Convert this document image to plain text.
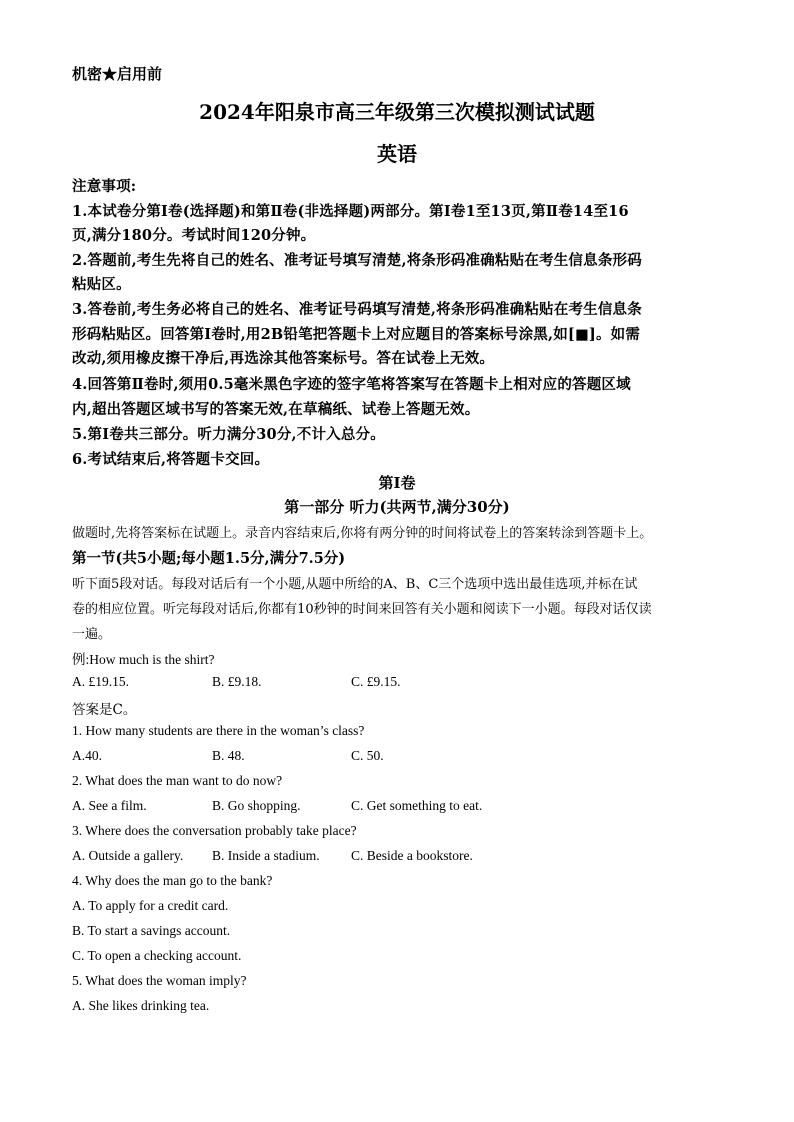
机密★启用前
2024年阳泉市高三年级第三次模拟测试试题
英语
注意事项:
1.本试卷分第Ⅰ卷(选择题)和第Ⅱ卷(非选择题)两部分。第Ⅰ卷1至13页,第Ⅱ卷14至16
页,满分180分。考试时间120分钟。
2.答题前,考生先将自己的姓名、准考证号填写清楚,将条形码准确粘贴在考生信息条形码
粘贴区。
3.答卷前,考生务必将自己的姓名、准考证号码填写清楚,将条形码准确粘贴在考生信息条
形码粘贴区。回答第Ⅰ卷时,用2B铅笔把答题卡上对应题目的答案标号涂黑,如[■]。如需
改动,须用橡皮擦干净后,再选涂其他答案标号。答在试卷上无效。
4.回答第Ⅱ卷时,须用0.5毫米黑色字迹的签字笔将答案写在答题卡上相对应的答题区域
内,超出答题区域书写的答案无效,在草稿纸、试卷上答题无效。
5.第Ⅰ卷共三部分。听力满分30分,不计入总分。
6.考试结束后,将答题卡交回。
第Ⅰ卷
第一部分 听力(共两节,满分30分)
做题时,先将答案标在试题上。录音内容结束后,你将有两分钟的时间将试卷上的答案转涂到答题卡上。
第一节(共5小题;每小题1.5分,满分7.5分)
听下面5段对话。每段对话后有一个小题,从题中所给的A、B、C三个选项中选出最佳选项,并标在试
卷的相应位置。听完每段对话后,你都有10秒钟的时间来回答有关小题和阅读下一小题。每段对话仅读
一遍。
例:How much is the shirt?
A. £19.15.	B. £9.18.	C. £9.15.
答案是C。
1. How many students are there in the woman’s class?
A.40.	B. 48.	C. 50.
2. What does the man want to do now?
A. See a film.	B. Go shopping.	C. Get something to eat.
3. Where does the conversation probably take place?
A. Outside a gallery. B. Inside a stadium. C. Beside a bookstore.
4. Why does the man go to the bank?
A. To apply for a credit card.
B. To start a savings account.
C. To open a checking account.
5. What does the woman imply?
A. She likes drinking tea.
